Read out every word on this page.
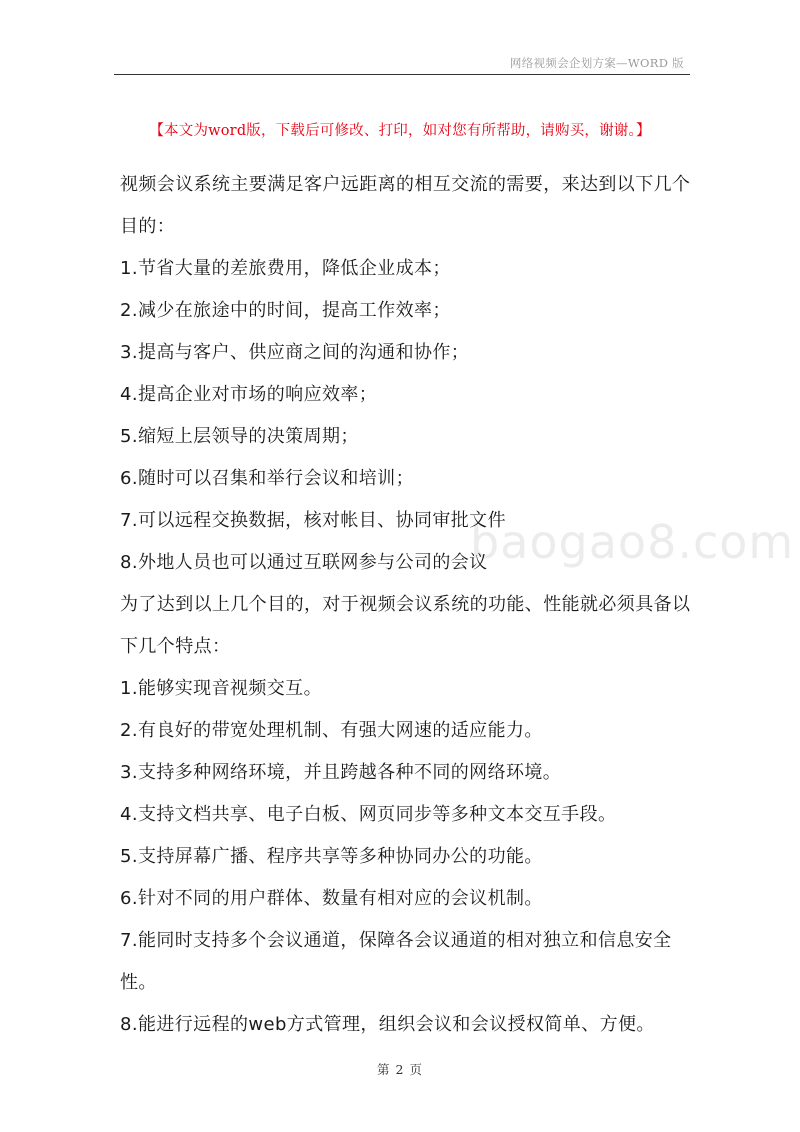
网络视频会企划方案—WORD 版
【本文为word版，下载后可修改、打印，如对您有所帮助，请购买，谢谢。】
baogao8.com

视频会议系统主要满足客户远距离的相互交流的需要，来达到以下几个目的：

1.节省大量的差旅费用，降低企业成本；

2.减少在旅途中的时间，提高工作效率；

3.提高与客户、供应商之间的沟通和协作；

4.提高企业对市场的响应效率；

5.缩短上层领导的决策周期；

6.随时可以召集和举行会议和培训；

7.可以远程交换数据，核对帐目、协同审批文件

8.外地人员也可以通过互联网参与公司的会议

为了达到以上几个目的，对于视频会议系统的功能、性能就必须具备以下几个特点：

1.能够实现音视频交互。

2.有良好的带宽处理机制、有强大网速的适应能力。

3.支持多种网络环境，并且跨越各种不同的网络环境。

4.支持文档共享、电子白板、网页同步等多种文本交互手段。

5.支持屏幕广播、程序共享等多种协同办公的功能。

6.针对不同的用户群体、数量有相对应的会议机制。

7.能同时支持多个会议通道，保障各会议通道的相对独立和信息安全性。

8.能进行远程的web方式管理，组织会议和会议授权简单、方便。

第 2 页
